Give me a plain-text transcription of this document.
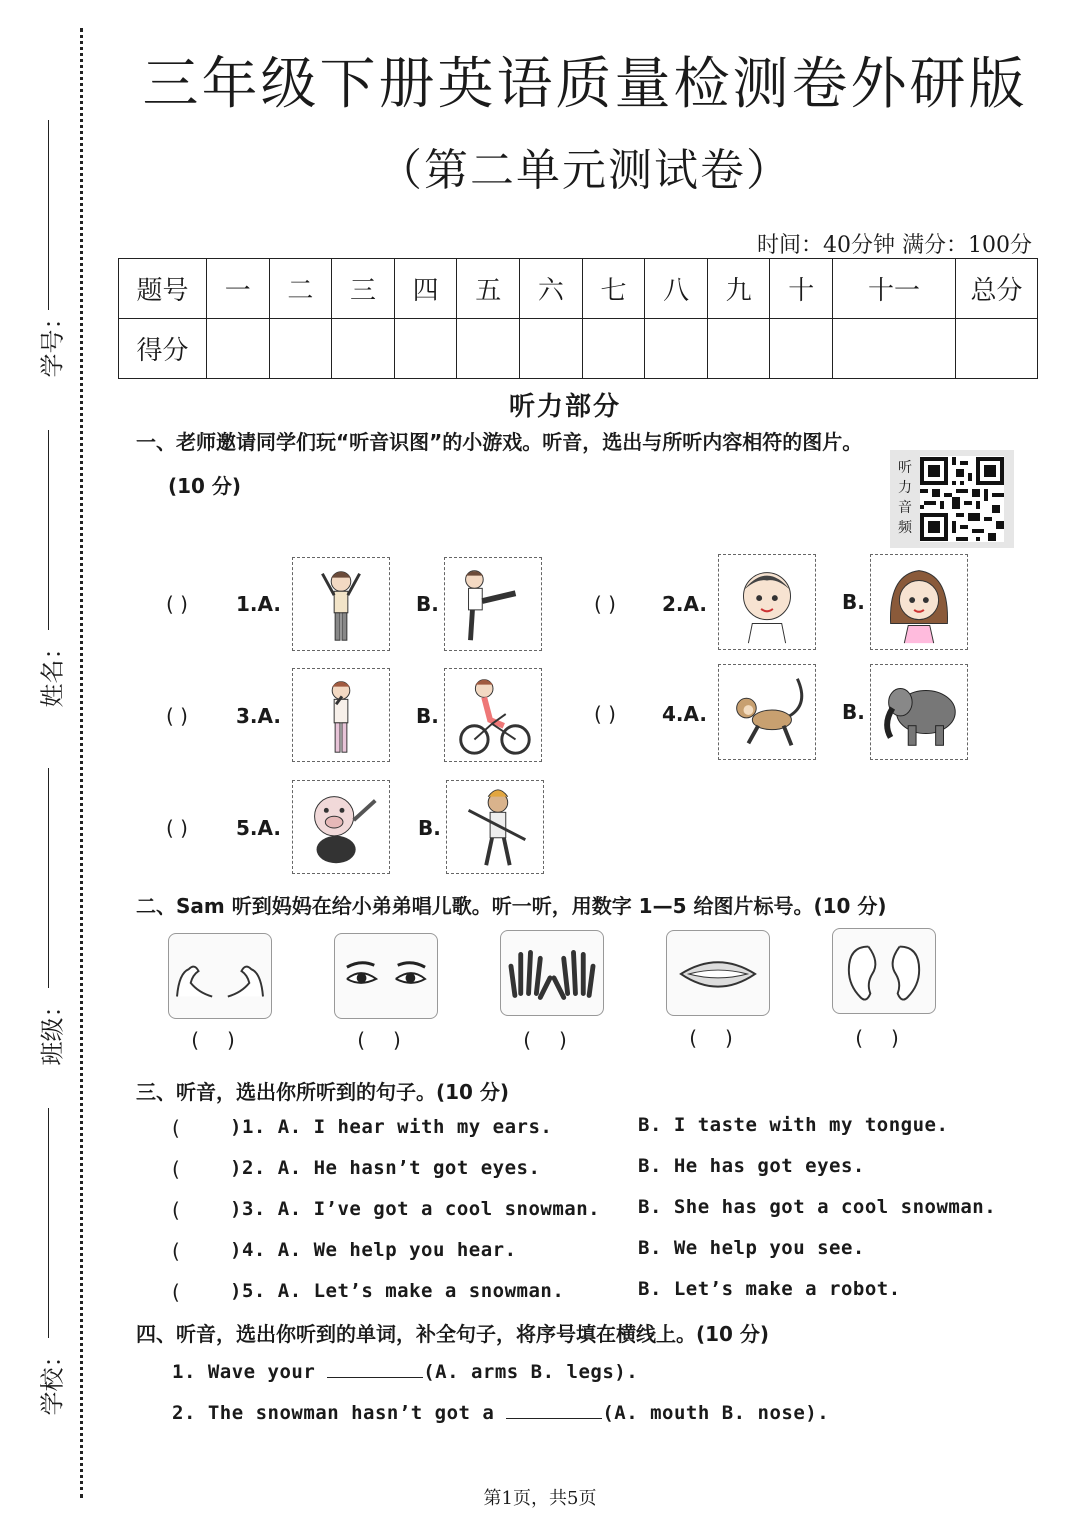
学号：
姓名：
班级：
学校：
三年级下册英语质量检测卷外研版
（第二单元测试卷）
时间：40分钟 满分：100分
题号	一	二	三	四	五	六	七	八	九	十	十一	总分
得分												
听力部分
一、老师邀请同学们玩“听音识图”的小游戏。听音，选出与所听内容相符的图片。
(10 分)
听力音频
( ) 1.A.	B.	( ) 2.A.	B.
( ) 3.A.	B.	( ) 4.A.	B.
( ) 5.A.	B.
二、Sam 听到妈妈在给小弟弟唱儿歌。听一听，用数字 1—5 给图片标号。(10 分)
()	()	()	()	()
三、听音，选出你所听到的句子。(10 分)
(	)1. A. I hear with my ears.	B. I taste with my tongue.
(	)2. A. He hasn’t got eyes.	B. He has got eyes.
(	)3. A. I’ve got a cool snowman. B. She has got a cool snowman.
(	)4. A. We help you hear.	B. We help you see.
(	)5. A. Let’s make a snowman.	B. Let’s make a robot.
四、听音，选出你听到的单词，补全句子，将序号填在横线上。(10 分)
1. Wave your	(A. arms B. legs).
2. The snowman hasn’t got a	(A. mouth B. nose).
第1页，共5页
